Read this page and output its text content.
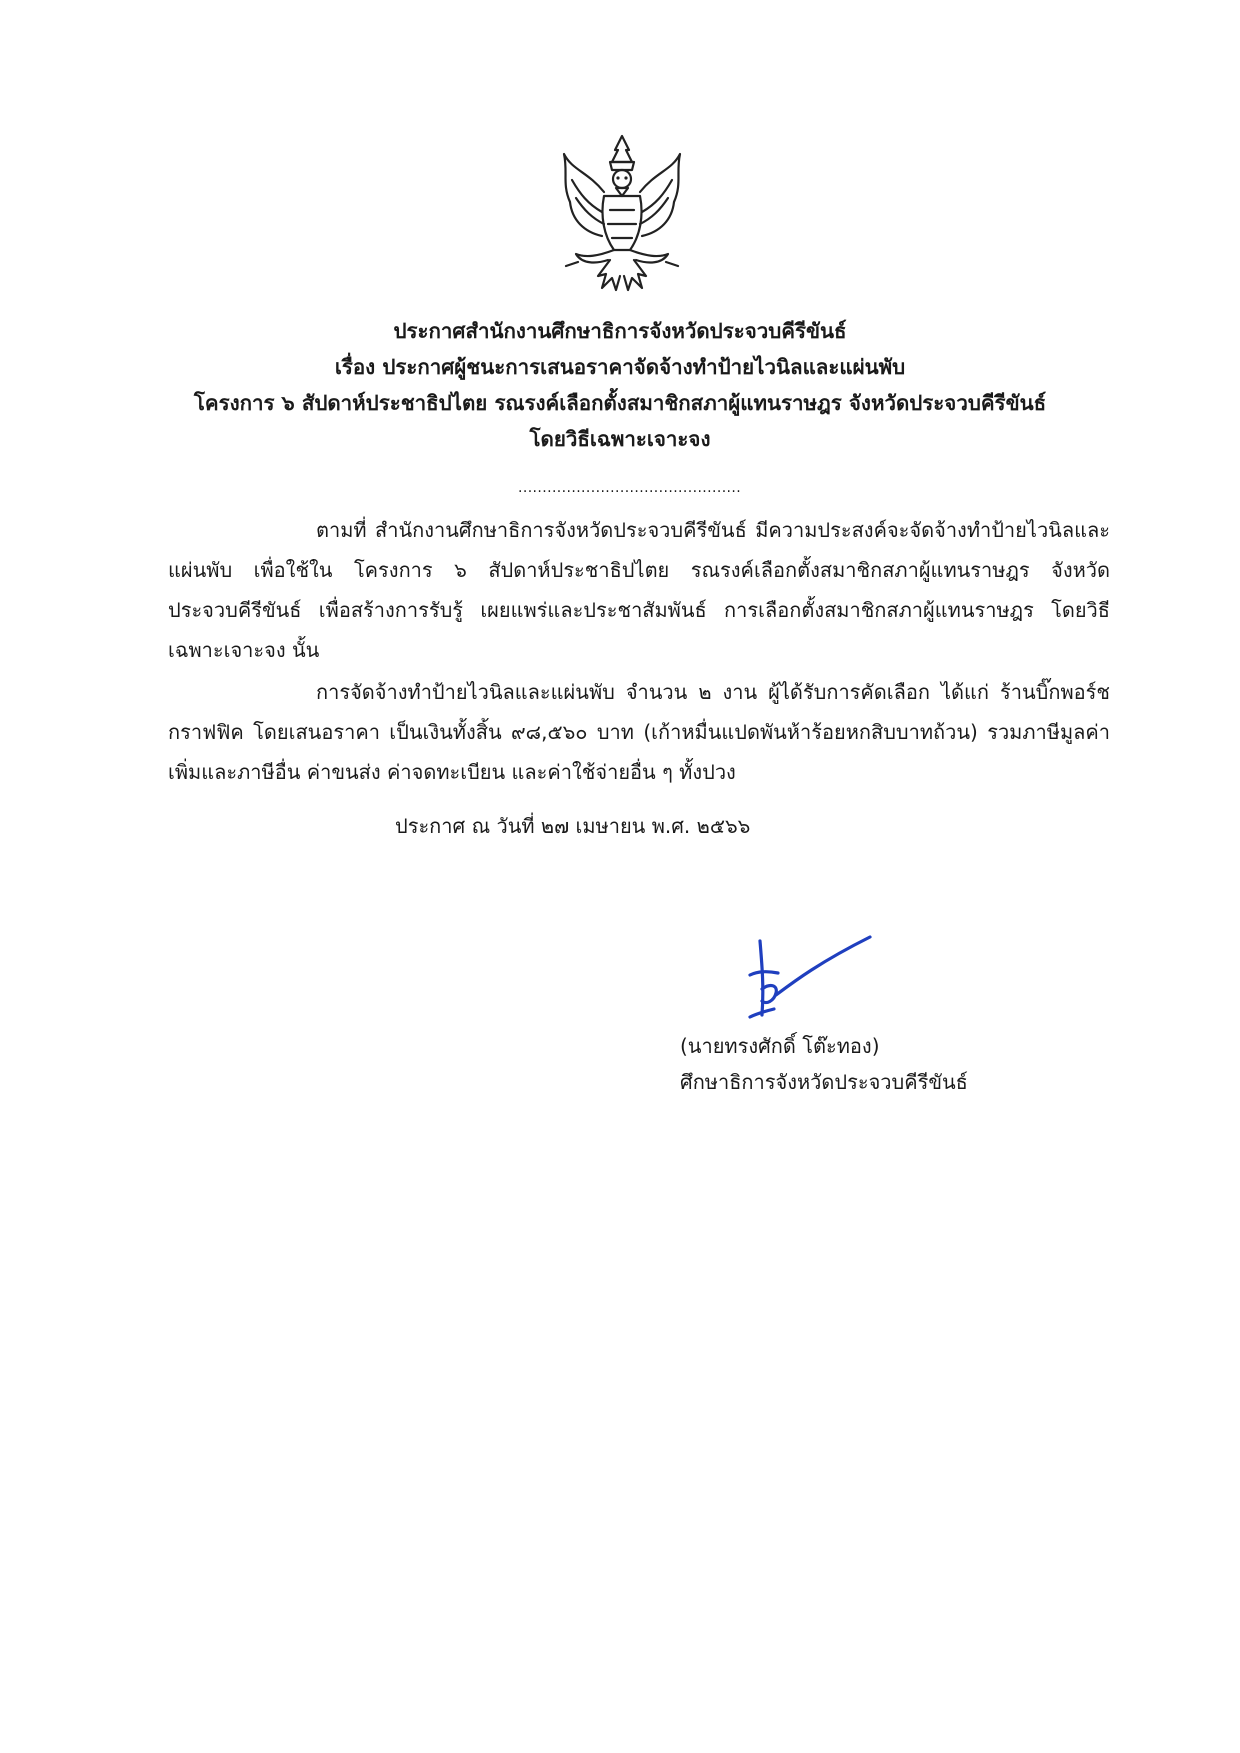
ประกาศสำนักงานศึกษาธิการจังหวัดประจวบคีรีขันธ์
เรื่อง ประกาศผู้ชนะการเสนอราคาจัดจ้างทำป้ายไวนิลและแผ่นพับ
โครงการ ๖ สัปดาห์ประชาธิปไตย รณรงค์เลือกตั้งสมาชิกสภาผู้แทนราษฎร จังหวัดประจวบคีรีขันธ์
โดยวิธีเฉพาะเจาะจง
..............................................
ตามที่ สำนักงานศึกษาธิการจังหวัดประจวบคีรีขันธ์ มีความประสงค์จะจัดจ้างทำป้ายไวนิลและแผ่นพับ เพื่อใช้ใน โครงการ ๖ สัปดาห์ประชาธิปไตย รณรงค์เลือกตั้งสมาชิกสภาผู้แทนราษฎร จังหวัดประจวบคีรีขันธ์ เพื่อสร้างการรับรู้ เผยแพร่และประชาสัมพันธ์ การเลือกตั้งสมาชิกสภาผู้แทนราษฎร โดยวิธีเฉพาะเจาะจง นั้น
การจัดจ้างทำป้ายไวนิลและแผ่นพับ จำนวน ๒ งาน ผู้ได้รับการคัดเลือก ได้แก่ ร้านบิ๊กพอร์ช กราฟฟิค โดยเสนอราคา เป็นเงินทั้งสิ้น ๙๘,๕๖๐ บาท (เก้าหมื่นแปดพันห้าร้อยหกสิบบาทถ้วน) รวมภาษีมูลค่าเพิ่มและภาษีอื่น ค่าขนส่ง ค่าจดทะเบียน และค่าใช้จ่ายอื่น ๆ ทั้งปวง
ประกาศ ณ วันที่ ๒๗ เมษายน พ.ศ. ๒๕๖๖
(นายทรงศักดิ์ โต๊ะทอง)
ศึกษาธิการจังหวัดประจวบคีรีขันธ์
